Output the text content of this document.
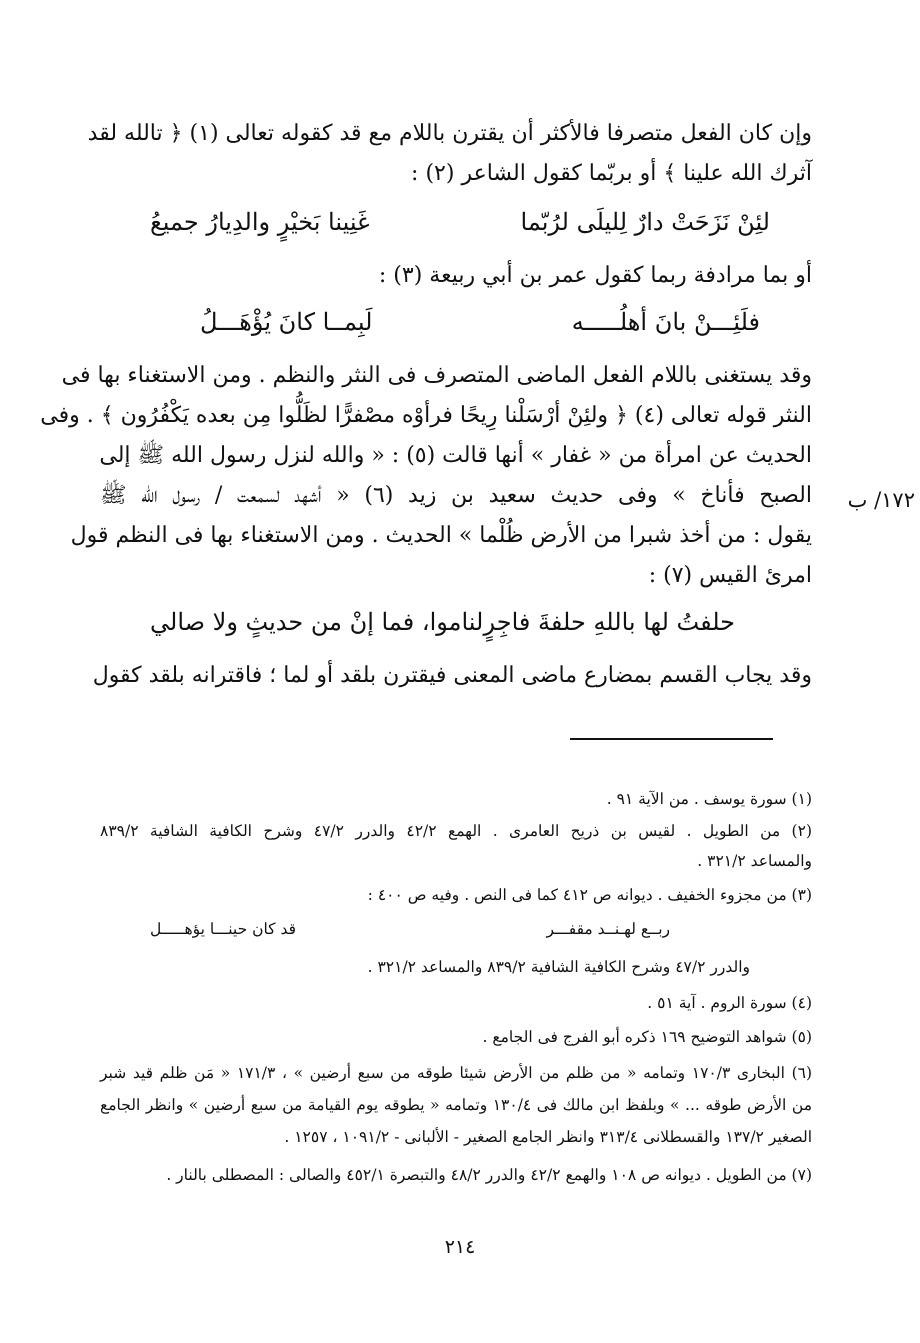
وإن كان الفعل متصرفا فالأكثر أن يقترن باللام مع قد كقوله تعالى (١) ﴿ تالله لقد
آثرك الله علينا ﴾ أو بربّما كقول الشاعر (٢) :
لئِنْ نَزَحَتْ دارٌ لِليلَى لرُبّما
غَنِينا بَخيْرٍ والدِيارُ جميعُ
أو بما مرادفة ربما كقول عمر بن أبي ربيعة (٣) :
فلَئِـــنْ بانَ أهلُـــــه
لَبِمــا كانَ يُؤْهَـــلُ
وقد يستغنى باللام الفعل الماضى المتصرف فى النثر والنظم . ومن الاستغناء بها فى
النثر قوله تعالى (٤) ﴿ ولئِنْ أرْسَلْنا رِيحًا فرأوْه مصْفرًّا لظَلُّوا مِن بعده يَكْفُرُون ﴾ . وفى
الحديث عن امرأة من « غفار » أنها قالت (٥) : « والله لنزل رسول الله ﷺ إلى
الصبح فأناخ » وفى حديث سعيد بن زيد (٦) « أشهد لسمعت / رسول الله ﷺ	١٧٢/ ب
يقول : من أخذ شبرا من الأرض ظُلْما » الحديث . ومن الاستغناء بها فى النظم قول
امرئ القيس (٧) :
حلفتُ لها باللهِ حلفةَ فاجِرٍ
لناموا، فما إنْ من حديثٍ ولا صالي
وقد يجاب القسم بمضارع ماضى المعنى فيقترن بلقد أو لما ؛ فاقترانه بلقد كقول
(١) سورة يوسف . من الآية ٩١ .
(٢) من الطويل . لقيس بن ذريح العامرى . الهمع ٤٢/٢ والدرر ٤٧/٢ وشرح الكافية الشافية ٨٣٩/٢
والمساعد ٣٢١/٢ .
(٣) من مجزوء الخفيف . ديوانه ص ٤١٢ كما فى النص . وفيه ص ٤٠٠ :
ربــع لهـنــد مقفـــر
قد كان حينـــا يؤهـــــل
والدرر ٤٧/٢ وشرح الكافية الشافية ٨٣٩/٢ والمساعد ٣٢١/٢ .
(٤) سورة الروم . آية ٥١ .
(٥) شواهد التوضيح ١٦٩ ذكره أبو الفرج فى الجامع .
(٦) البخارى ١٧٠/٣ وتمامه « من ظلم من الأرض شيئا طوقه من سبع أرضين » ، ١٧١/٣ « مَن ظلم قيد شبر
من الأرض طوقه ... » وبلفظ ابن مالك فى ١٣٠/٤ وتمامه « يطوقه يوم القيامة من سبع أرضين » وانظر الجامع
الصغير ١٣٧/٢ والقسطلانى ٣١٣/٤ وانظر الجامع الصغير - الألبانى - ١٠٩١/٢ ، ١٢٥٧ .
(٧) من الطويل . ديوانه ص ١٠٨ والهمع ٤٢/٢ والدرر ٤٨/٢ والتبصرة ٤٥٢/١ والصالى : المصطلى بالنار .
٢١٤
